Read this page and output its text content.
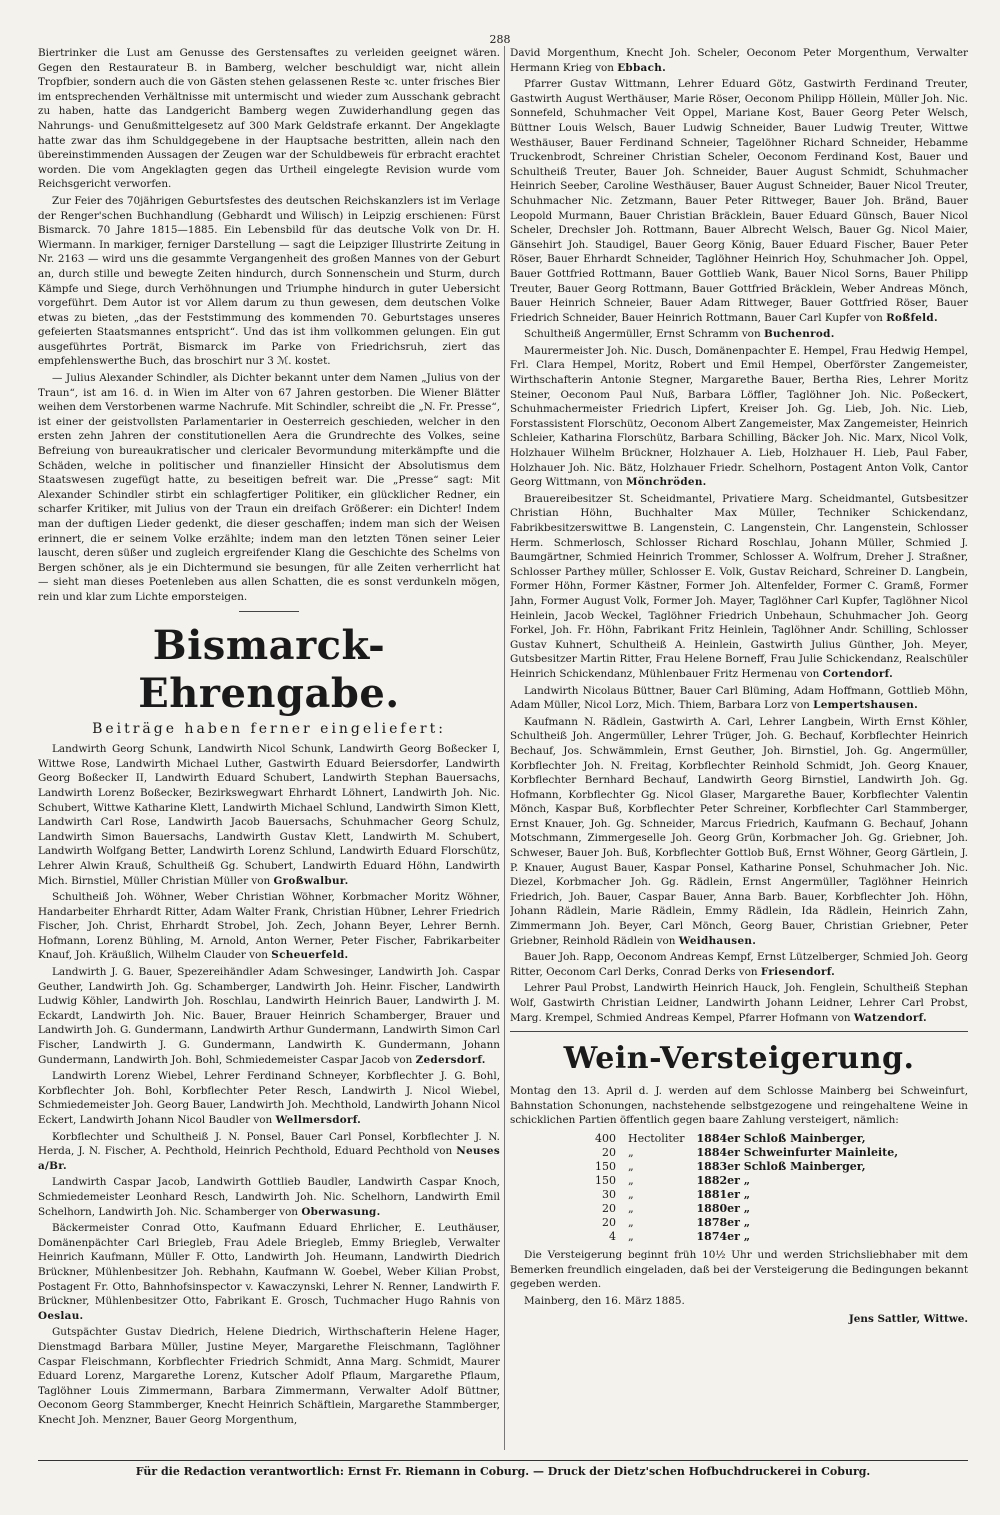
288

Biertrinker die Lust am Genusse des Gerstensaftes zu verleiden geeignet wären. Gegen den Restaurateur B. in Bamberg, welcher beschuldigt war, nicht allein Tropfbier, sondern auch die von Gästen stehen gelassenen Reste ꝛc. unter frisches Bier im entsprechenden Verhältnisse mit untermischt und wieder zum Ausschank gebracht zu haben, hatte das Landgericht Bamberg wegen Zuwiderhandlung gegen das Nahrungs- und Genußmittelgesetz auf 300 Mark Geldstrafe erkannt. Der Angeklagte hatte zwar das ihm Schuldgegebene in der Hauptsache bestritten, allein nach den übereinstimmenden Aussagen der Zeugen war der Schuldbeweis für erbracht erachtet worden. Die vom Angeklagten gegen das Urtheil eingelegte Revision wurde vom Reichsgericht verworfen.

Zur Feier des 70jährigen Geburtsfestes des deutschen Reichskanzlers ist im Verlage der Renger'schen Buchhandlung (Gebhardt und Wilisch) in Leipzig erschienen: Fürst Bismarck. 70 Jahre 1815—1885. Ein Lebensbild für das deutsche Volk von Dr. H. Wiermann. In markiger, ferniger Darstellung — sagt die Leipziger Illustrirte Zeitung in Nr. 2163 — wird uns die gesammte Vergangenheit des großen Mannes von der Geburt an, durch stille und bewegte Zeiten hindurch, durch Sonnenschein und Sturm, durch Kämpfe und Siege, durch Verhöhnungen und Triumphe hindurch in guter Uebersicht vorgeführt. Dem Autor ist vor Allem darum zu thun gewesen, dem deutschen Volke etwas zu bieten, „das der Feststimmung des kommenden 70. Geburtstages unseres gefeierten Staatsmannes entspricht“. Und das ist ihm vollkommen gelungen. Ein gut ausgeführtes Porträt, Bismarck im Parke von Friedrichsruh, ziert das empfehlenswerthe Buch, das broschirt nur 3 ℳ. kostet.

— Julius Alexander Schindler, als Dichter bekannt unter dem Namen „Julius von der Traun“, ist am 16. d. in Wien im Alter von 67 Jahren gestorben. Die Wiener Blätter weihen dem Verstorbenen warme Nachrufe. Mit Schindler, schreibt die „N. Fr. Presse“, ist einer der geistvollsten Parlamentarier in Oesterreich geschieden, welcher in den ersten zehn Jahren der constitutionellen Aera die Grundrechte des Volkes, seine Befreiung von bureaukratischer und clericaler Bevormundung miterkämpfte und die Schäden, welche in politischer und finanzieller Hinsicht der Absolutismus dem Staatswesen zugefügt hatte, zu beseitigen befreit war. Die „Presse“ sagt: Mit Alexander Schindler stirbt ein schlagfertiger Politiker, ein glücklicher Redner, ein scharfer Kritiker, mit Julius von der Traun ein dreifach Größerer: ein Dichter! Indem man der duftigen Lieder gedenkt, die dieser geschaffen; indem man sich der Weisen erinnert, die er seinem Volke erzählte; indem man den letzten Tönen seiner Leier lauscht, deren süßer und zugleich ergreifender Klang die Geschichte des Schelms von Bergen schöner, als je ein Dichtermund sie besungen, für alle Zeiten verherrlicht hat — sieht man dieses Poetenleben aus allen Schatten, die es sonst verdunkeln mögen, rein und klar zum Lichte emporsteigen.

Bismarck-Ehrengabe.
Beiträge haben ferner eingeliefert:

Landwirth Georg Schunk, Landwirth Nicol Schunk, Landwirth Georg Boßecker I, Wittwe Rose, Landwirth Michael Luther, Gastwirth Eduard Beiersdorfer, Landwirth Georg Boßecker II, Landwirth Eduard Schubert, Landwirth Stephan Bauersachs, Landwirth Lorenz Boßecker, Bezirkswegwart Ehrhardt Löhnert, Landwirth Joh. Nic. Schubert, Wittwe Katharine Klett, Landwirth Michael Schlund, Landwirth Simon Klett, Landwirth Carl Rose, Landwirth Jacob Bauersachs, Schuhmacher Georg Schulz, Landwirth Simon Bauersachs, Landwirth Gustav Klett, Landwirth M. Schubert, Landwirth Wolfgang Better, Landwirth Lorenz Schlund, Landwirth Eduard Florschütz, Lehrer Alwin Krauß, Schultheiß Gg. Schubert, Landwirth Eduard Höhn, Landwirth Mich. Birnstiel, Müller Christian Müller von Großwalbur.

Schultheiß Joh. Wöhner, Weber Christian Wöhner, Korbmacher Moritz Wöhner, Handarbeiter Ehrhardt Ritter, Adam Walter Frank, Christian Hübner, Lehrer Friedrich Fischer, Joh. Christ, Ehrhardt Strobel, Joh. Zech, Johann Beyer, Lehrer Bernh. Hofmann, Lorenz Bühling, M. Arnold, Anton Werner, Peter Fischer, Fabrikarbeiter Knauf, Joh. Kräußlich, Wilhelm Clauder von Scheuerfeld.

Landwirth J. G. Bauer, Spezereihändler Adam Schwesinger, Landwirth Joh. Caspar Geuther, Landwirth Joh. Gg. Schamberger, Landwirth Joh. Heinr. Fischer, Landwirth Ludwig Köhler, Landwirth Joh. Roschlau, Landwirth Heinrich Bauer, Landwirth J. M. Eckardt, Landwirth Joh. Nic. Bauer, Brauer Heinrich Schamberger, Brauer und Landwirth Joh. G. Gundermann, Landwirth Arthur Gundermann, Landwirth Simon Carl Fischer, Landwirth J. G. Gundermann, Landwirth K. Gundermann, Johann Gundermann, Landwirth Joh. Bohl, Schmiedemeister Caspar Jacob von Zedersdorf.

Landwirth Lorenz Wiebel, Lehrer Ferdinand Schneyer, Korbflechter J. G. Bohl, Korbflechter Joh. Bohl, Korbflechter Peter Resch, Landwirth J. Nicol Wiebel, Schmiedemeister Joh. Georg Bauer, Landwirth Joh. Mechthold, Landwirth Johann Nicol Eckert, Landwirth Johann Nicol Baudler von Wellmersdorf.

Korbflechter und Schultheiß J. N. Ponsel, Bauer Carl Ponsel, Korbflechter J. N. Herda, J. N. Fischer, A. Pechthold, Heinrich Pechthold, Eduard Pechthold von Neuses a/Br.

Landwirth Caspar Jacob, Landwirth Gottlieb Baudler, Landwirth Caspar Knoch, Schmiedemeister Leonhard Resch, Landwirth Joh. Nic. Schelhorn, Landwirth Emil Schelhorn, Landwirth Joh. Nic. Schamberger von Oberwasung.

Bäckermeister Conrad Otto, Kaufmann Eduard Ehrlicher, E. Leuthäuser, Domänenpächter Carl Briegleb, Frau Adele Briegleb, Emmy Briegleb, Verwalter Heinrich Kaufmann, Müller F. Otto, Landwirth Joh. Heumann, Landwirth Diedrich Brückner, Mühlenbesitzer Joh. Rebhahn, Kaufmann W. Goebel, Weber Kilian Probst, Postagent Fr. Otto, Bahnhofsinspector v. Kawaczynski, Lehrer N. Renner, Landwirth F. Brückner, Mühlenbesitzer Otto, Fabrikant E. Grosch, Tuchmacher Hugo Rahnis von Oeslau.

Gutspächter Gustav Diedrich, Helene Diedrich, Wirthschafterin Helene Hager, Dienstmagd Barbara Müller, Justine Meyer, Margarethe Fleischmann, Taglöhner Caspar Fleischmann, Korbflechter Friedrich Schmidt, Anna Marg. Schmidt, Maurer Eduard Lorenz, Margarethe Lorenz, Kutscher Adolf Pflaum, Margarethe Pflaum, Taglöhner Louis Zimmermann, Barbara Zimmermann, Verwalter Adolf Büttner, Oeconom Georg Stammberger, Knecht Heinrich Schäftlein, Margarethe Stammberger, Knecht Joh. Menzner, Bauer Georg Morgenthum,

David Morgenthum, Knecht Joh. Scheler, Oeconom Peter Morgenthum, Verwalter Hermann Krieg von Ebbach.

Pfarrer Gustav Wittmann, Lehrer Eduard Götz, Gastwirth Ferdinand Treuter, Gastwirth August Werthäuser, Marie Röser, Oeconom Philipp Höllein, Müller Joh. Nic. Sonnefeld, Schuhmacher Veit Oppel, Mariane Kost, Bauer Georg Peter Welsch, Büttner Louis Welsch, Bauer Ludwig Schneider, Bauer Ludwig Treuter, Wittwe Westhäuser, Bauer Ferdinand Schneier, Tagelöhner Richard Schneider, Hebamme Truckenbrodt, Schreiner Christian Scheler, Oeconom Ferdinand Kost, Bauer und Schultheiß Treuter, Bauer Joh. Schneider, Bauer August Schmidt, Schuhmacher Heinrich Seeber, Caroline Westhäuser, Bauer August Schneider, Bauer Nicol Treuter, Schuhmacher Nic. Zetzmann, Bauer Peter Rittweger, Bauer Joh. Bränd, Bauer Leopold Murmann, Bauer Christian Bräcklein, Bauer Eduard Günsch, Bauer Nicol Scheler, Drechsler Joh. Rottmann, Bauer Albrecht Welsch, Bauer Gg. Nicol Maier, Gänsehirt Joh. Staudigel, Bauer Georg König, Bauer Eduard Fischer, Bauer Peter Röser, Bauer Ehrhardt Schneider, Taglöhner Heinrich Hoy, Schuhmacher Joh. Oppel, Bauer Gottfried Rottmann, Bauer Gottlieb Wank, Bauer Nicol Sorns, Bauer Philipp Treuter, Bauer Georg Rottmann, Bauer Gottfried Bräcklein, Weber Andreas Mönch, Bauer Heinrich Schneier, Bauer Adam Rittweger, Bauer Gottfried Röser, Bauer Friedrich Schneider, Bauer Heinrich Rottmann, Bauer Carl Kupfer von Roßfeld.

Schultheiß Angermüller, Ernst Schramm von Buchenrod.

Maurermeister Joh. Nic. Dusch, Domänenpachter E. Hempel, Frau Hedwig Hempel, Frl. Clara Hempel, Moritz, Robert und Emil Hempel, Oberförster Zangemeister, Wirthschafterin Antonie Stegner, Margarethe Bauer, Bertha Ries, Lehrer Moritz Steiner, Oeconom Paul Nuß, Barbara Löffler, Taglöhner Joh. Nic. Poßeckert, Schuhmachermeister Friedrich Lipfert, Kreiser Joh. Gg. Lieb, Joh. Nic. Lieb, Forstassistent Florschütz, Oeconom Albert Zangemeister, Max Zangemeister, Heinrich Schleier, Katharina Florschütz, Barbara Schilling, Bäcker Joh. Nic. Marx, Nicol Volk, Holzhauer Wilhelm Brückner, Holzhauer A. Lieb, Holzhauer H. Lieb, Paul Faber, Holzhauer Joh. Nic. Bätz, Holzhauer Friedr. Schelhorn, Postagent Anton Volk, Cantor Georg Wittmann, von Mönchröden.

Brauereibesitzer St. Scheidmantel, Privatiere Marg. Scheidmantel, Gutsbesitzer Christian Höhn, Buchhalter Max Müller, Techniker Schickendanz, Fabrikbesitzerswittwe B. Langenstein, C. Langenstein, Chr. Langenstein, Schlosser Herm. Schmerlosch, Schlosser Richard Roschlau, Johann Müller, Schmied J. Baumgärtner, Schmied Heinrich Trommer, Schlosser A. Wolfrum, Dreher J. Straßner, Schlosser Parthey müller, Schlosser E. Volk, Gustav Reichard, Schreiner D. Langbein, Former Höhn, Former Kästner, Former Joh. Altenfelder, Former C. Gramß, Former Jahn, Former August Volk, Former Joh. Mayer, Taglöhner Carl Kupfer, Taglöhner Nicol Heinlein, Jacob Weckel, Taglöhner Friedrich Unbehaun, Schuhmacher Joh. Georg Forkel, Joh. Fr. Höhn, Fabrikant Fritz Heinlein, Taglöhner Andr. Schilling, Schlosser Gustav Kuhnert, Schultheiß A. Heinlein, Gastwirth Julius Günther, Joh. Meyer, Gutsbesitzer Martin Ritter, Frau Helene Borneff, Frau Julie Schickendanz, Realschüler Heinrich Schickendanz, Mühlenbauer Fritz Hermenau von Cortendorf.

Landwirth Nicolaus Büttner, Bauer Carl Blüming, Adam Hoffmann, Gottlieb Möhn, Adam Müller, Nicol Lorz, Mich. Thiem, Barbara Lorz von Lempertshausen.

Kaufmann N. Rädlein, Gastwirth A. Carl, Lehrer Langbein, Wirth Ernst Köhler, Schultheiß Joh. Angermüller, Lehrer Trüger, Joh. G. Bechauf, Korbflechter Heinrich Bechauf, Jos. Schwämmlein, Ernst Geuther, Joh. Birnstiel, Joh. Gg. Angermüller, Korbflechter Joh. N. Freitag, Korbflechter Reinhold Schmidt, Joh. Georg Knauer, Korbflechter Bernhard Bechauf, Landwirth Georg Birnstiel, Landwirth Joh. Gg. Hofmann, Korbflechter Gg. Nicol Glaser, Margarethe Bauer, Korbflechter Valentin Mönch, Kaspar Buß, Korbflechter Peter Schreiner, Korbflechter Carl Stammberger, Ernst Knauer, Joh. Gg. Schneider, Marcus Friedrich, Kaufmann G. Bechauf, Johann Motschmann, Zimmergeselle Joh. Georg Grün, Korbmacher Joh. Gg. Griebner, Joh. Schweser, Bauer Joh. Buß, Korbflechter Gottlob Buß, Ernst Wöhner, Georg Gärtlein, J. P. Knauer, August Bauer, Kaspar Ponsel, Katharine Ponsel, Schuhmacher Joh. Nic. Diezel, Korbmacher Joh. Gg. Rädlein, Ernst Angermüller, Taglöhner Heinrich Friedrich, Joh. Bauer, Caspar Bauer, Anna Barb. Bauer, Korbflechter Joh. Höhn, Johann Rädlein, Marie Rädlein, Emmy Rädlein, Ida Rädlein, Heinrich Zahn, Zimmermann Joh. Beyer, Carl Mönch, Georg Bauer, Christian Griebner, Peter Griebner, Reinhold Rädlein von Weidhausen.

Bauer Joh. Rapp, Oeconom Andreas Kempf, Ernst Lützelberger, Schmied Joh. Georg Ritter, Oeconom Carl Derks, Conrad Derks von Friesendorf.

Lehrer Paul Probst, Landwirth Heinrich Hauck, Joh. Fenglein, Schultheiß Stephan Wolf, Gastwirth Christian Leidner, Landwirth Johann Leidner, Lehrer Carl Probst, Marg. Krempel, Schmied Andreas Kempel, Pfarrer Hofmann von Watzendorf.

Wein-Versteigerung.

Montag den 13. April d. J. werden auf dem Schlosse Mainberg bei Schweinfurt, Bahnstation Schonungen, nachstehende selbstgezogene und reingehaltene Weine in schicklichen Partien öffentlich gegen baare Zahlung versteigert, nämlich:

400	Hectoliter	1884er Schloß Mainberger,
20	„	1884er Schweinfurter Mainleite,
150	„	1883er Schloß Mainberger,
150	„	1882er „
30	„	1881er „
20	„	1880er „
20	„	1878er „
4	„	1874er „

Die Versteigerung beginnt früh 10½ Uhr und werden Strichsliebhaber mit dem Bemerken freundlich eingeladen, daß bei der Versteigerung die Bedingungen bekannt gegeben werden.

Mainberg, den 16. März 1885.

Jens Sattler, Wittwe.
Für die Redaction verantwortlich: Ernst Fr. Riemann in Coburg. — Druck der Dietz'schen Hofbuchdruckerei in Coburg.
